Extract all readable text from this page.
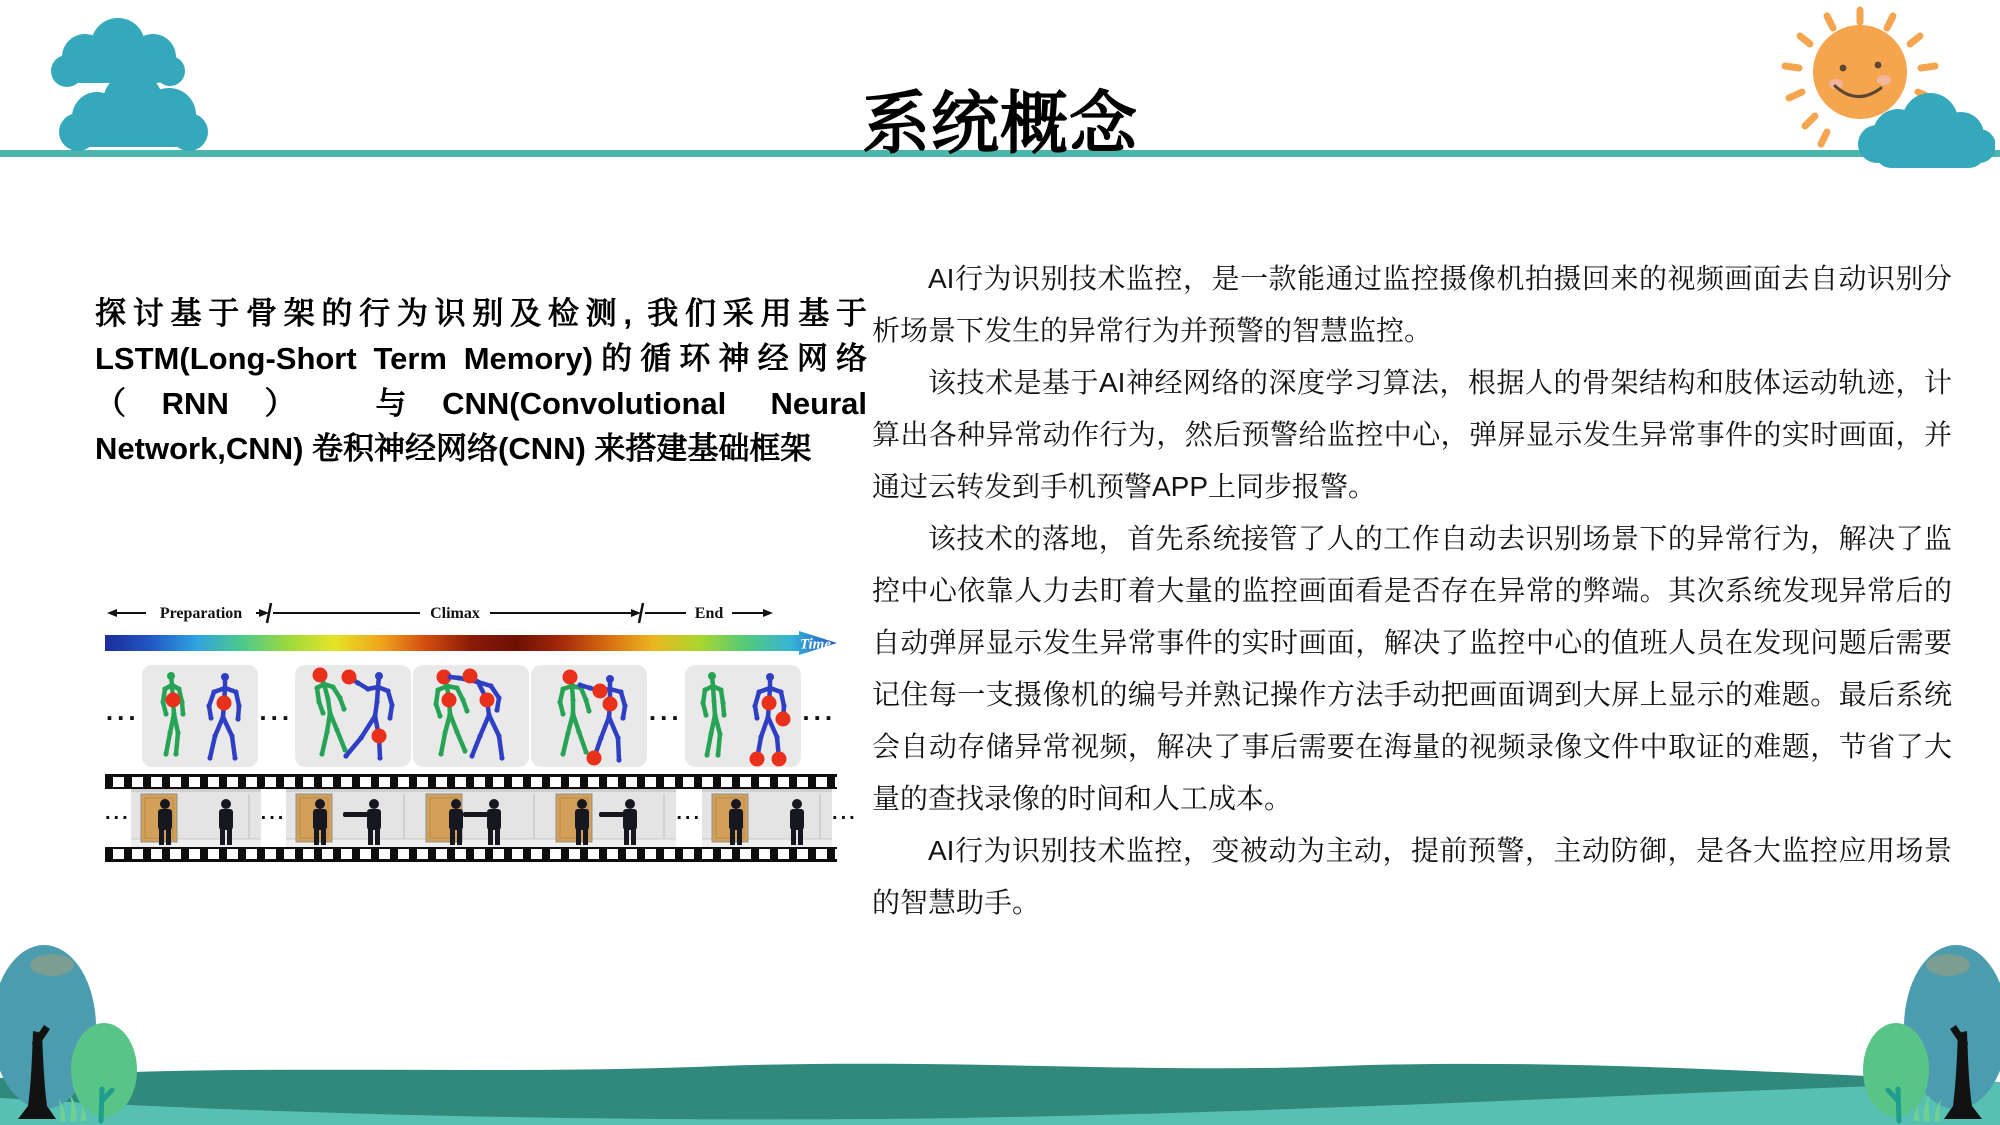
系统概念

探讨基于骨架的行为识别及检测, 我们采用基于LSTM(Long-Short Term Memory)的循环神经网络（RNN） 与CNN(Convolutional Neural Network,CNN) 卷积神经网络(CNN) 来搭建基础框架

Preparation	Climax	End

Time
...	...	...	...
...	...	...	...

AI行为识别技术监控，是一款能通过监控摄像机拍摄回来的视频画面去自动识别分析场景下发生的异常行为并预警的智慧监控。

该技术是基于AI神经网络的深度学习算法，根据人的骨架结构和肢体运动轨迹，计算出各种异常动作行为，然后预警给监控中心，弹屏显示发生异常事件的实时画面，并通过云转发到手机预警APP上同步报警。

该技术的落地，首先系统接管了人的工作自动去识别场景下的异常行为，解决了监控中心依靠人力去盯着大量的监控画面看是否存在异常的弊端。其次系统发现异常后的自动弹屏显示发生异常事件的实时画面，解决了监控中心的值班人员在发现问题后需要记住每一支摄像机的编号并熟记操作方法手动把画面调到大屏上显示的难题。最后系统会自动存储异常视频，解决了事后需要在海量的视频录像文件中取证的难题，节省了大量的查找录像的时间和人工成本。

AI行为识别技术监控，变被动为主动，提前预警，主动防御，是各大监控应用场景的智慧助手。
